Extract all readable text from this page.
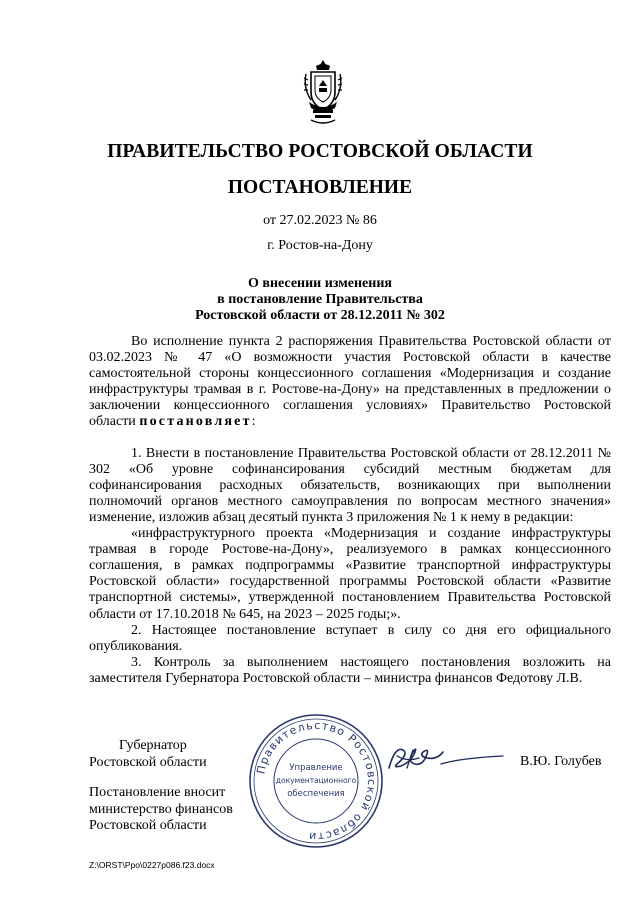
ПРАВИТЕЛЬСТВО РОСТОВСКОЙ ОБЛАСТИ
ПОСТАНОВЛЕНИЕ
от 27.02.2023 № 86
г. Ростов-на-Дону
О внесении изменения
в постановление Правительства
Ростовской области от 28.12.2011 № 302

Во исполнение пункта 2 распоряжения Правительства Ростовской области от 03.02.2023 № 47 «О возможности участия Ростовской области в качестве самостоятельной стороны концессионного соглашения «Модернизация и создание инфраструктуры трамвая в г. Ростове-на-Дону» на представленных в предложении о заключении концессионного соглашения условиях» Правительство Ростовской области постановляет:

1. Внести в постановление Правительства Ростовской области от 28.12.2011 № 302 «Об уровне софинансирования субсидий местным бюджетам для софинансирования расходных обязательств, возникающих при выполнении полномочий органов местного самоуправления по вопросам местного значения» изменение, изложив абзац десятый пункта 3 приложения № 1 к нему в редакции:

«инфраструктурного проекта «Модернизация и создание инфраструктуры трамвая в городе Ростове-на-Дону», реализуемого в рамках концессионного соглашения, в рамках подпрограммы «Развитие транспортной инфраструктуры Ростовской области» государственной программы Ростовской области «Развитие транспортной системы», утвержденной постановлением Правительства Ростовской области от 17.10.2018 № 645, на 2023 – 2025 годы;».

2. Настоящее постановление вступает в силу со дня его официального опубликования.

3. Контроль за выполнением настоящего постановления возложить на заместителя Губернатора Ростовской области – министра финансов Федотову Л.В.

Губернатор
Ростовской области	Правительство Ростовской области
Управление
документационного
обеспечения
В.Ю. Голубев
Постановление вносит
министерство финансов
Ростовской области
Z:\ORST\Ppo\0227p086.f23.docx
